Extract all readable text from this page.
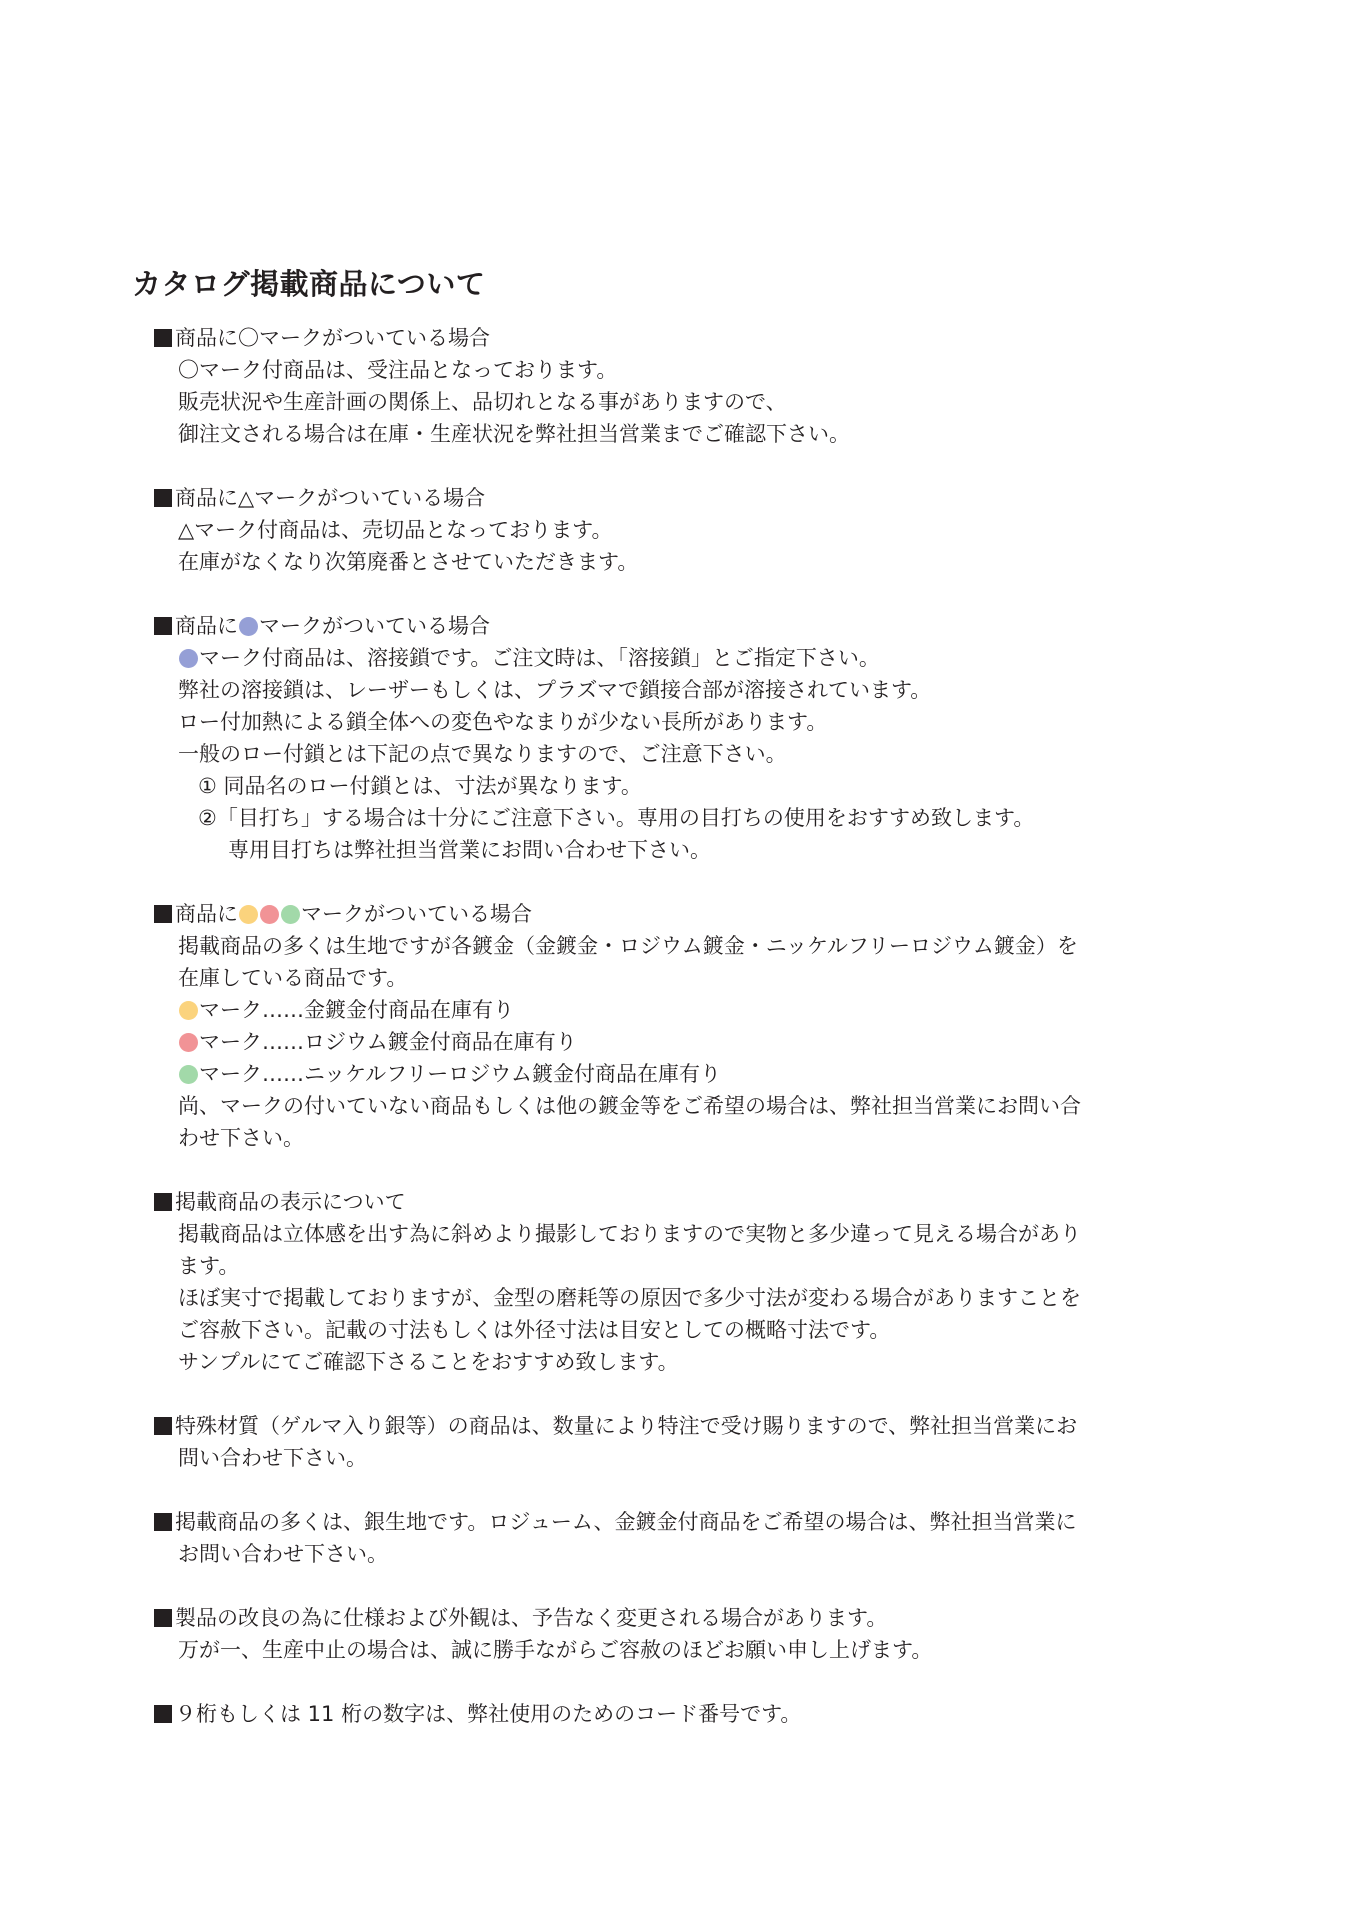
カタログ掲載商品について
商品に〇マークがついている場合
〇マーク付商品は、受注品となっております。
販売状況や生産計画の関係上、品切れとなる事がありますので、
御注文される場合は在庫・生産状況を弊社担当営業までご確認下さい。
商品に△マークがついている場合
△マーク付商品は、売切品となっております。
在庫がなくなり次第廃番とさせていただきます。
商品に マークがついている場合
マーク付商品は、溶接鎖です。ご注文時は、「溶接鎖」とご指定下さい。
弊社の溶接鎖は、レーザーもしくは、プラズマで鎖接合部が溶接されています。
ロー付加熱による鎖全体への変色やなまりが少ない長所があります。
一般のロー付鎖とは下記の点で異なりますので、ご注意下さい。
① 同品名のロー付鎖とは、寸法が異なります。
②「目打ち」する場合は十分にご注意下さい。専用の目打ちの使用をおすすめ致します。
専用目打ちは弊社担当営業にお問い合わせ下さい。
商品に	マークがついている場合
掲載商品の多くは生地ですが各鍍金（金鍍金・ロジウム鍍金・ニッケルフリーロジウム鍍金）を
在庫している商品です。
マーク……金鍍金付商品在庫有り
マーク……ロジウム鍍金付商品在庫有り
マーク……ニッケルフリーロジウム鍍金付商品在庫有り
尚、マークの付いていない商品もしくは他の鍍金等をご希望の場合は、弊社担当営業にお問い合
わせ下さい。
掲載商品の表示について
掲載商品は立体感を出す為に斜めより撮影しておりますので実物と多少違って見える場合があり
ます。
ほぼ実寸で掲載しておりますが、金型の磨耗等の原因で多少寸法が変わる場合がありますことを
ご容赦下さい。記載の寸法もしくは外径寸法は目安としての概略寸法です。
サンプルにてご確認下さることをおすすめ致します。
特殊材質（ゲルマ入り銀等）の商品は、数量により特注で受け賜りますので、弊社担当営業にお
問い合わせ下さい。
掲載商品の多くは、銀生地です。ロジューム、金鍍金付商品をご希望の場合は、弊社担当営業に
お問い合わせ下さい。
製品の改良の為に仕様および外観は、予告なく変更される場合があります。
万が一、生産中止の場合は、誠に勝手ながらご容赦のほどお願い申し上げます。
９桁もしくは 11 桁の数字は、弊社使用のためのコード番号です。
